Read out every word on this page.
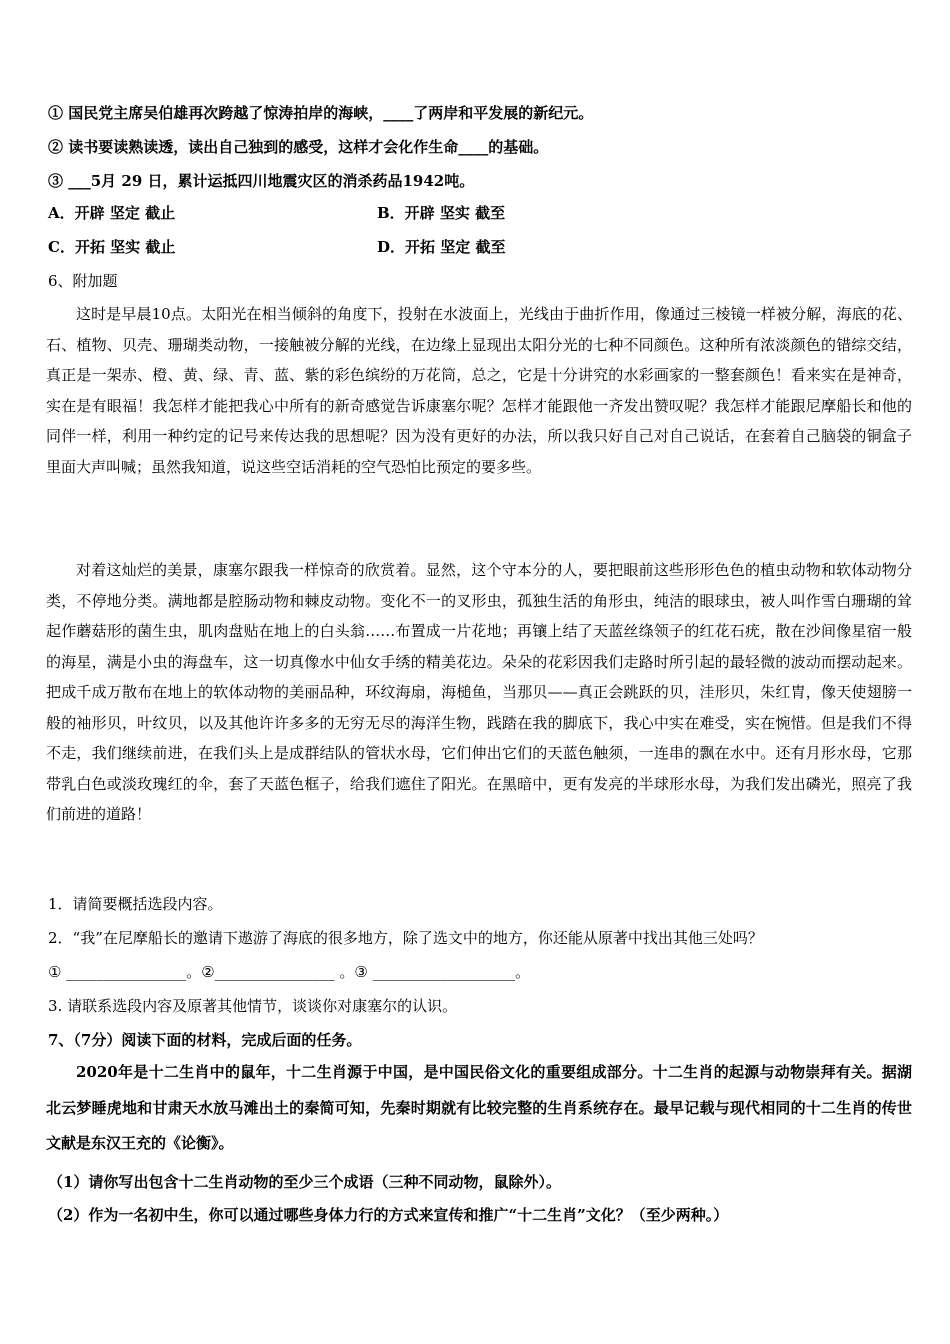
① 国民党主席吴伯雄再次跨越了惊涛拍岸的海峡，____了两岸和平发展的新纪元。
② 读书要读熟读透，读出自己独到的感受，这样才会化作生命____的基础。
③ ___5月 29 日，累计运抵四川地震灾区的消杀药品1942吨。
A．开辟 坚定 截止	B．开辟 坚实 截至
C．开拓 坚实 截止	D．开拓 坚定 截至
6、附加题

这时是早晨10点。太阳光在相当倾斜的角度下，投射在水波面上，光线由于曲折作用，像通过三棱镜一样被分解，海底的花、石、植物、贝壳、珊瑚类动物，一接触被分解的光线，在边缘上显现出太阳分光的七种不同颜色。这种所有浓淡颜色的错综交结，真正是一架赤、橙、黄、绿、青、蓝、紫的彩色缤纷的万花筒，总之，它是十分讲究的水彩画家的一整套颜色！看来实在是神奇，实在是有眼福！我怎样才能把我心中所有的新奇感觉告诉康塞尔呢？怎样才能跟他一齐发出赞叹呢？我怎样才能跟尼摩船长和他的同伴一样，利用一种约定的记号来传达我的思想呢？因为没有更好的办法，所以我只好自己对自己说话，在套着自己脑袋的铜盒子里面大声叫喊；虽然我知道，说这些空话消耗的空气恐怕比预定的要多些。

对着这灿烂的美景，康塞尔跟我一样惊奇的欣赏着。显然，这个守本分的人，要把眼前这些形形色色的植虫动物和软体动物分类，不停地分类。满地都是腔肠动物和棘皮动物。变化不一的叉形虫，孤独生活的角形虫，纯洁的眼球虫，被人叫作雪白珊瑚的耸起作蘑菇形的菌生虫，肌肉盘贴在地上的白头翁……布置成一片花地；再镶上结了天蓝丝绦领子的红花石疣，散在沙间像星宿一般的海星，满是小虫的海盘车，这一切真像水中仙女手绣的精美花边。朵朵的花彩因我们走路时所引起的最轻微的波动而摆动起来。把成千成万散布在地上的软体动物的美丽品种，环纹海扇，海槌鱼，当那贝——真正会跳跃的贝，洼形贝，朱红胄，像天使翅膀一般的袖形贝，叶纹贝，以及其他许许多多的无穷无尽的海洋生物，践踏在我的脚底下，我心中实在难受，实在惋惜。但是我们不得不走，我们继续前进，在我们头上是成群结队的管状水母，它们伸出它们的天蓝色触须，一连串的飘在水中。还有月形水母，它那带乳白色或淡玫瑰红的伞，套了天蓝色框子，给我们遮住了阳光。在黑暗中，更有发亮的半球形水母，为我们发出磷光，照亮了我们前进的道路！

1．请简要概括选段内容。
2．“我”在尼摩船长的邀请下遨游了海底的很多地方，除了选文中的地方，你还能从原著中找出其他三处吗？
① ________________。②________________ 。③ ___________________。
3. 请联系选段内容及原著其他情节，谈谈你对康塞尔的认识。
7、（7分）阅读下面的材料，完成后面的任务。

2020年是十二生肖中的鼠年，十二生肖源于中国，是中国民俗文化的重要组成部分。十二生肖的起源与动物崇拜有关。据湖北云梦睡虎地和甘肃天水放马滩出土的秦简可知，先秦时期就有比较完整的生肖系统存在。最早记载与现代相同的十二生肖的传世文献是东汉王充的《论衡》。

（1）请你写出包含十二生肖动物的至少三个成语（三种不同动物，鼠除外）。
（2）作为一名初中生，你可以通过哪些身体力行的方式来宣传和推广“十二生肖”文化？（至少两种。）
